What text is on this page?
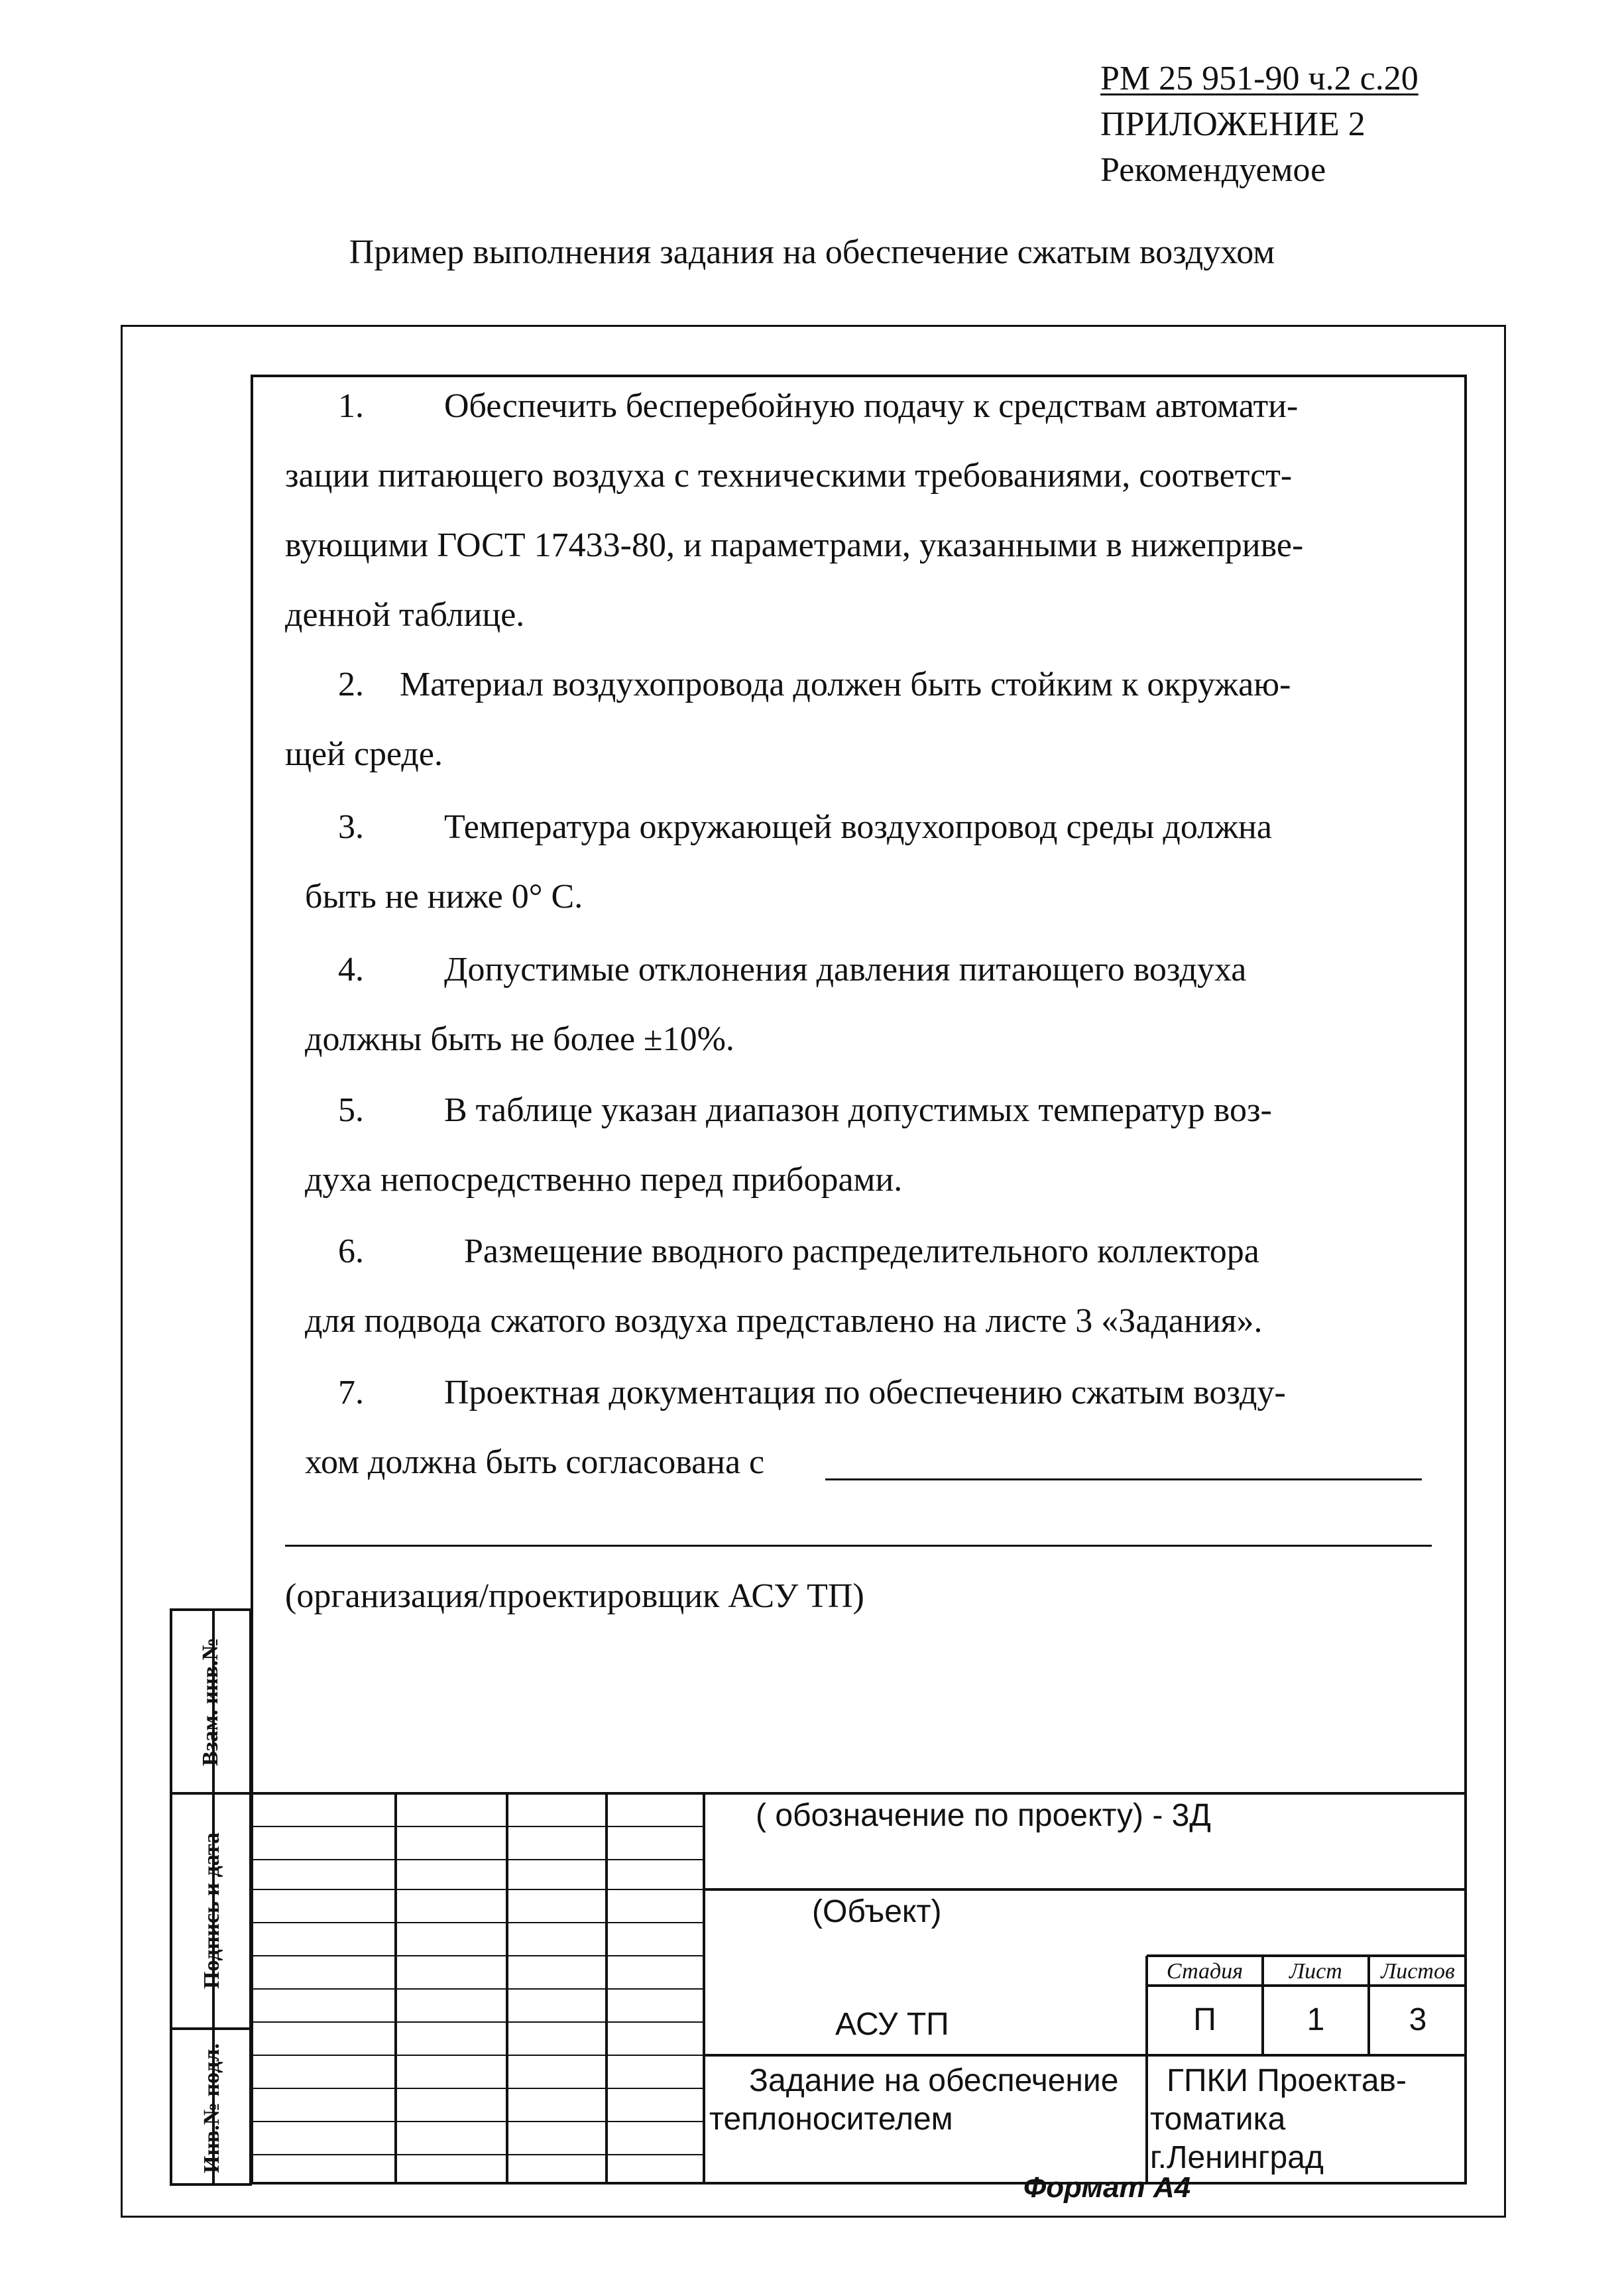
РМ 25 951-90 ч.2 с.20
ПРИЛОЖЕНИЕ 2
Рекомендуемое
Пример выполнения задания на обеспечение сжатым воздухом
1. Обеспечить бесперебойную подачу к средствам автомати-
зации питающего воздуха с техническими требованиями, соответст-
вующими ГОСТ 17433-80, и параметрами, указанными в нижеприве-
денной таблице.
2. Материал воздухопровода должен быть стойким к окружаю-
щей среде.
3. Температура окружающей воздухопровод среды должна
быть не ниже 0° С.
4. Допустимые отклонения давления питающего воздуха
должны быть не более ±10%.
5. В таблице указан диапазон допустимых температур воз-
духа непосредственно перед приборами.
6.	Размещение вводного распределительного коллектора
для подвода сжатого воздуха представлено на листе 3 «Задания».
7. Проектная документация по обеспечению сжатым возду-
хом должна быть согласована с
(организация/проектировщик АСУ ТП)
Взам. инв.№
Подпись и дата
Инв.№ подл.
( обозначение по проекту) - 3Д
(Объект)
АСУ ТП
Задание на обеспечение
теплоносителем
Стадия	Лист	Листов
П	1	3
ГПКИ Проектав-
томатика
г.Ленинград
Формат А4
